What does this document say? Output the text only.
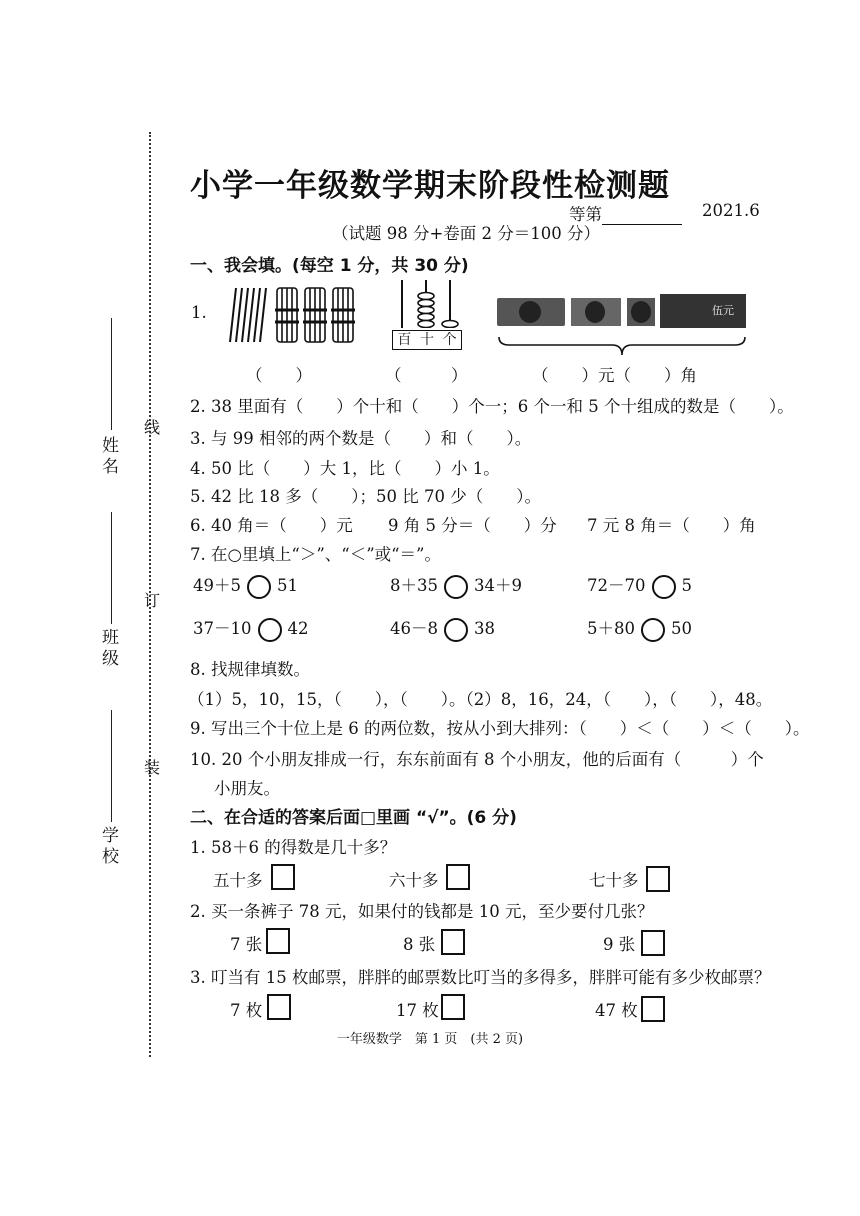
线
订
装
姓名
班级
学校
小学一年级数学期末阶段性检测题
等第	2021.6
（试题 98 分+卷面 2 分＝100 分）
一、我会填。(每空 1 分，共 30 分)
1.
百 十 个
伍元
（　　）	（　　　）	（　　）元（　　）角
2. 38 里面有（　　）个十和（　　）个一；6 个一和 5 个十组成的数是（　　）。
3. 与 99 相邻的两个数是（　　）和（　　）。
4. 50 比（　　）大 1，比（　　）小 1。
5. 42 比 18 多（　　）；50 比 70 少（　　）。
6. 40 角＝（　　）元 9 角 5 分＝（　　）分 7 元 8 角＝（　　）角
7. 在○里填上“＞”、“＜”或“＝”。
49＋5 51	8＋35 34＋9	72－70 5
37－10 42	46－8 38	5＋80 50
8. 找规律填数。
（1）5，10，15，（　　），（　　）。（2）8，16，24，（　　），（　　），48。
9. 写出三个十位上是 6 的两位数，按从小到大排列：（　　）＜（　　）＜（　　）。
10. 20 个小朋友排成一行，东东前面有 8 个小朋友，他的后面有（　　　）个
小朋友。
二、在合适的答案后面□里画 “√”。(6 分)
1. 58＋6 的得数是几十多？
五十多	六十多	七十多
2. 买一条裤子 78 元，如果付的钱都是 10 元，至少要付几张？
7 张	8 张	9 张
3. 叮当有 15 枚邮票，胖胖的邮票数比叮当的多得多，胖胖可能有多少枚邮票？
7 枚	17 枚	47 枚
一年级数学　第 1 页　(共 2 页)
